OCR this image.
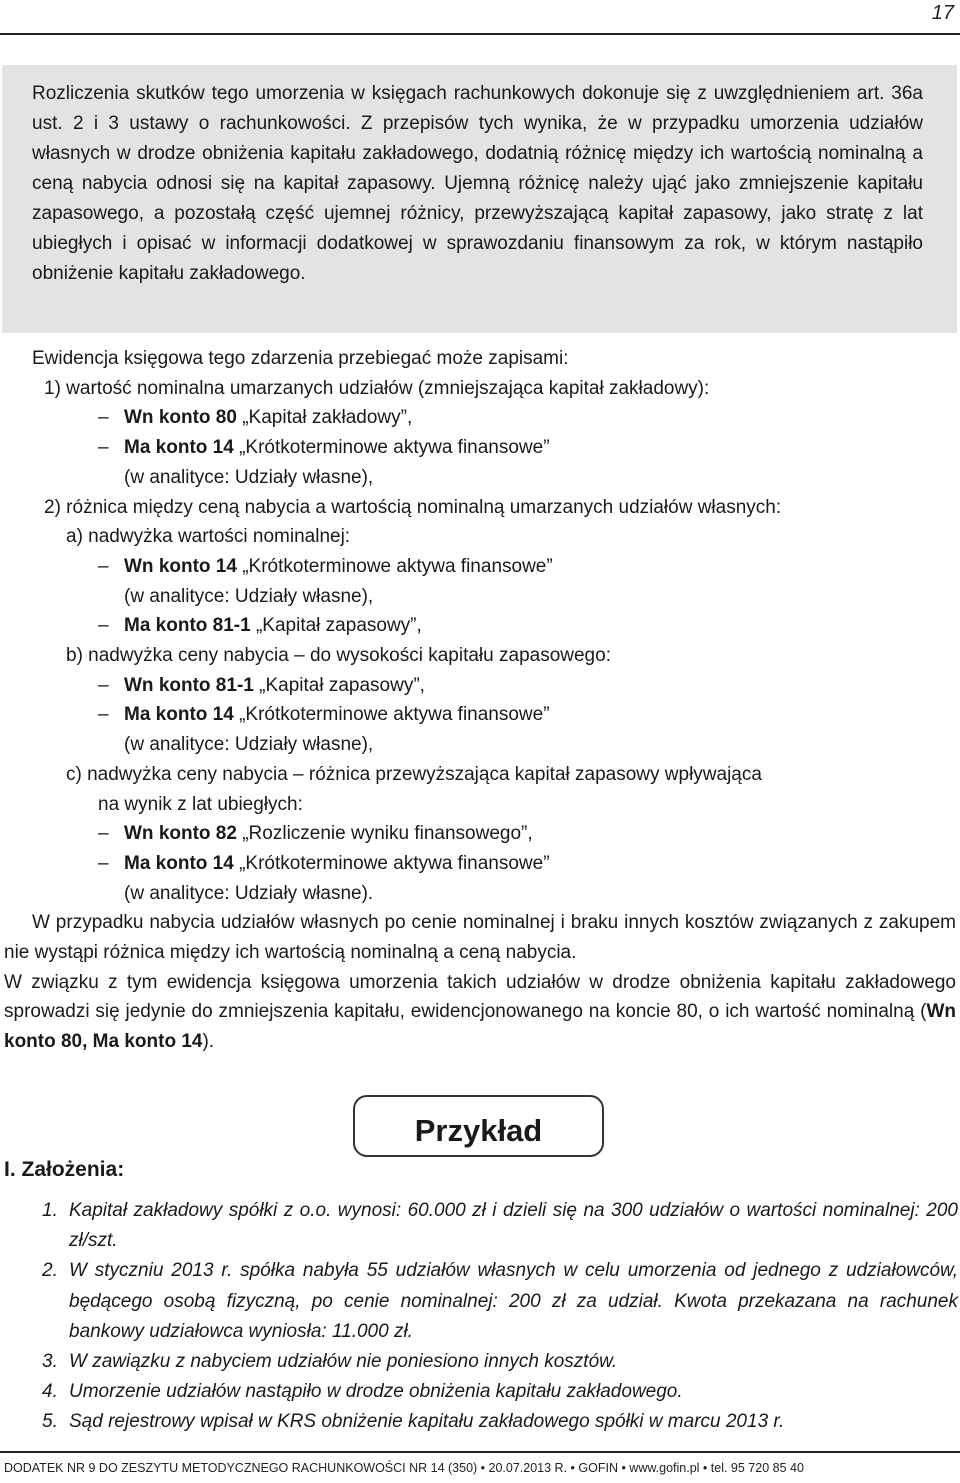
17
Rozliczenia skutków tego umorzenia w księgach rachunkowych dokonuje się z uwzględnieniem art. 36a ust. 2 i 3 ustawy o rachunkowości. Z przepisów tych wynika, że w przypadku umorzenia udziałów własnych w drodze obniżenia kapitału zakładowego, dodatnią różnicę między ich wartością nominalną a ceną nabycia odnosi się na kapitał zapasowy. Ujemną różnicę należy ująć jako zmniejszenie kapitału zapasowego, a pozostałą część ujemnej różnicy, przewyższającą kapitał zapasowy, jako stratę z lat ubiegłych i opisać w informacji dodatkowej w sprawozdaniu finansowym za rok, w którym nastąpiło obniżenie kapitału zakładowego.
Ewidencja księgowa tego zdarzenia przebiegać może zapisami:
1) wartość nominalna umarzanych udziałów (zmniejszająca kapitał zakładowy):
– Wn konto 80 „Kapitał zakładowy”,
– Ma konto 14 „Krótkoterminowe aktywa finansowe”
(w analityce: Udziały własne),
2) różnica między ceną nabycia a wartością nominalną umarzanych udziałów własnych:
a) nadwyżka wartości nominalnej:
– Wn konto 14 „Krótkoterminowe aktywa finansowe”
(w analityce: Udziały własne),
– Ma konto 81-1 „Kapitał zapasowy”,
b) nadwyżka ceny nabycia – do wysokości kapitału zapasowego:
– Wn konto 81-1 „Kapitał zapasowy”,
– Ma konto 14 „Krótkoterminowe aktywa finansowe”
(w analityce: Udziały własne),
c) nadwyżka ceny nabycia – różnica przewyższająca kapitał zapasowy wpływająca
na wynik z lat ubiegłych:
– Wn konto 82 „Rozliczenie wyniku finansowego”,
– Ma konto 14 „Krótkoterminowe aktywa finansowe”
(w analityce: Udziały własne).
W przypadku nabycia udziałów własnych po cenie nominalnej i braku innych kosztów związanych z zakupem nie wystąpi różnica między ich wartością nominalną a ceną nabycia.
W związku z tym ewidencja księgowa umorzenia takich udziałów w drodze obniżenia kapitału zakładowego sprowadzi się jedynie do zmniejszenia kapitału, ewidencjonowanego na koncie 80, o ich wartość nominalną (Wn konto 80, Ma konto 14).
Przykład
I. Założenia:
1. Kapitał zakładowy spółki z o.o. wynosi: 60.000 zł i dzieli się na 300 udziałów o wartości nominalnej: 200 zł/szt.
2. W styczniu 2013 r. spółka nabyła 55 udziałów własnych w celu umorzenia od jednego z udziałowców, będącego osobą fizyczną, po cenie nominalnej: 200 zł za udział. Kwota przekazana na rachunek bankowy udziałowca wyniosła: 11.000 zł.
3. W zawiązku z nabyciem udziałów nie poniesiono innych kosztów.
4. Umorzenie udziałów nastąpiło w drodze obniżenia kapitału zakładowego.
5. Sąd rejestrowy wpisał w KRS obniżenie kapitału zakładowego spółki w marcu 2013 r.
DODATEK NR 9 DO ZESZYTU METODYCZNEGO RACHUNKOWOŚCI NR 14 (350) • 20.07.2013 R. • GOFIN • www.gofin.pl • tel. 95 720 85 40
